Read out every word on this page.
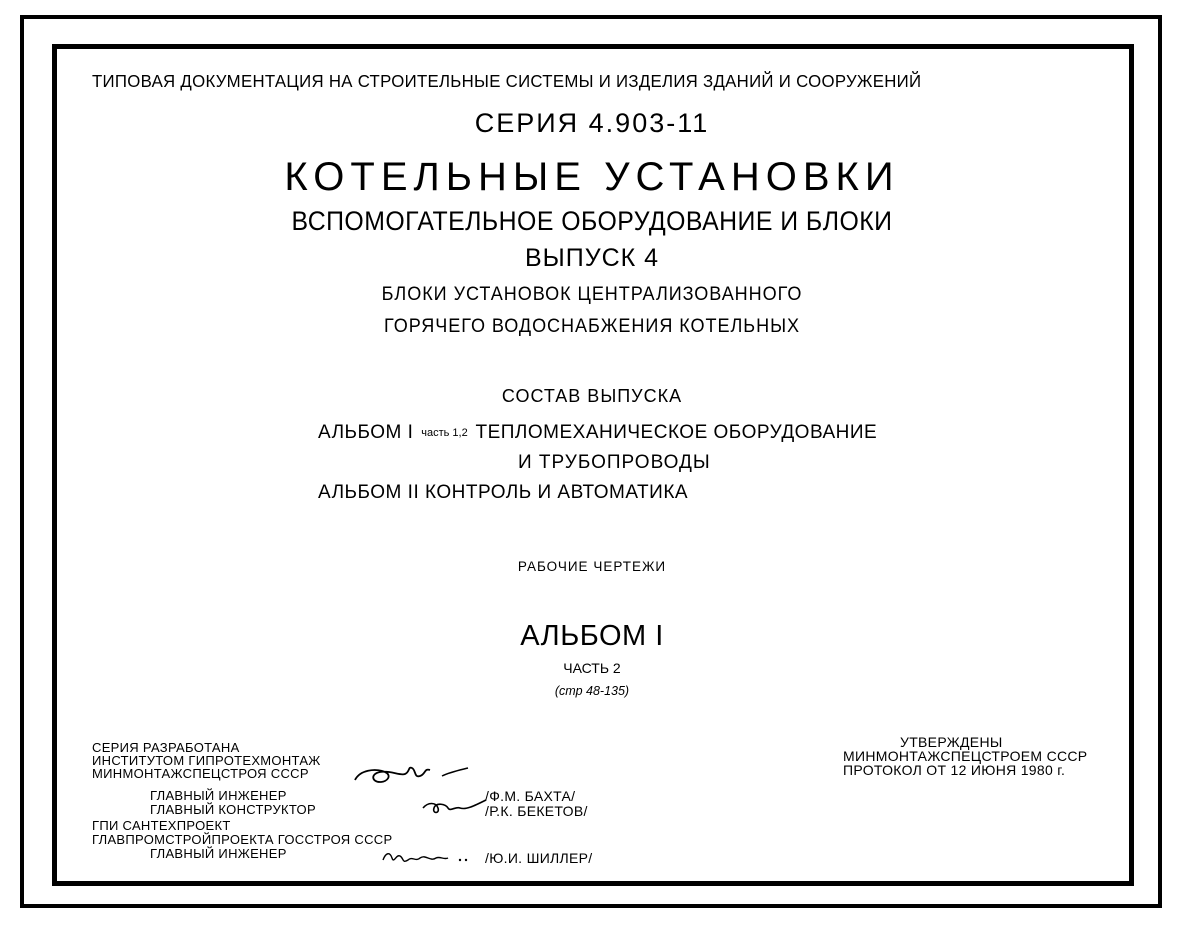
ТИПОВАЯ ДОКУМЕНТАЦИЯ НА СТРОИТЕЛЬНЫЕ СИСТЕМЫ И ИЗДЕЛИЯ ЗДАНИЙ И СООРУЖЕНИЙ
СЕРИЯ 4.903-11
КОТЕЛЬНЫЕ УСТАНОВКИ
ВСПОМОГАТЕЛЬНОЕ ОБОРУДОВАНИЕ И БЛОКИ
ВЫПУСК 4
БЛОКИ УСТАНОВОК ЦЕНТРАЛИЗОВАННОГО
ГОРЯЧЕГО ВОДОСНАБЖЕНИЯ КОТЕЛЬНЫХ
СОСТАВ ВЫПУСКА
АЛЬБОМ I часть 1,2 ТЕПЛОМЕХАНИЧЕСКОЕ ОБОРУДОВАНИЕ
И ТРУБОПРОВОДЫ
АЛЬБОМ II КОНТРОЛЬ И АВТОМАТИКА
РАБОЧИЕ ЧЕРТЕЖИ
АЛЬБОМ I
ЧАСТЬ 2
(стр 48-135)
СЕРИЯ РАЗРАБОТАНА
ИНСТИТУТОМ ГИПРОТЕХМОНТАЖ
МИНМОНТАЖСПЕЦСТРОЯ СССР
ГЛАВНЫЙ ИНЖЕНЕР
ГЛАВНЫЙ КОНСТРУКТОР
/Ф.М. БАХТА/
/Р.К. БЕКЕТОВ/
ГПИ САНТЕХПРОЕКТ
ГЛАВПРОМСТРОЙПРОЕКТА ГОССТРОЯ СССР
ГЛАВНЫЙ ИНЖЕНЕР	/Ю.И. ШИЛЛЕР/
УТВЕРЖДЕНЫ
МИНМОНТАЖСПЕЦСТРОЕМ СССР
ПРОТОКОЛ ОТ 12 ИЮНЯ 1980 г.
